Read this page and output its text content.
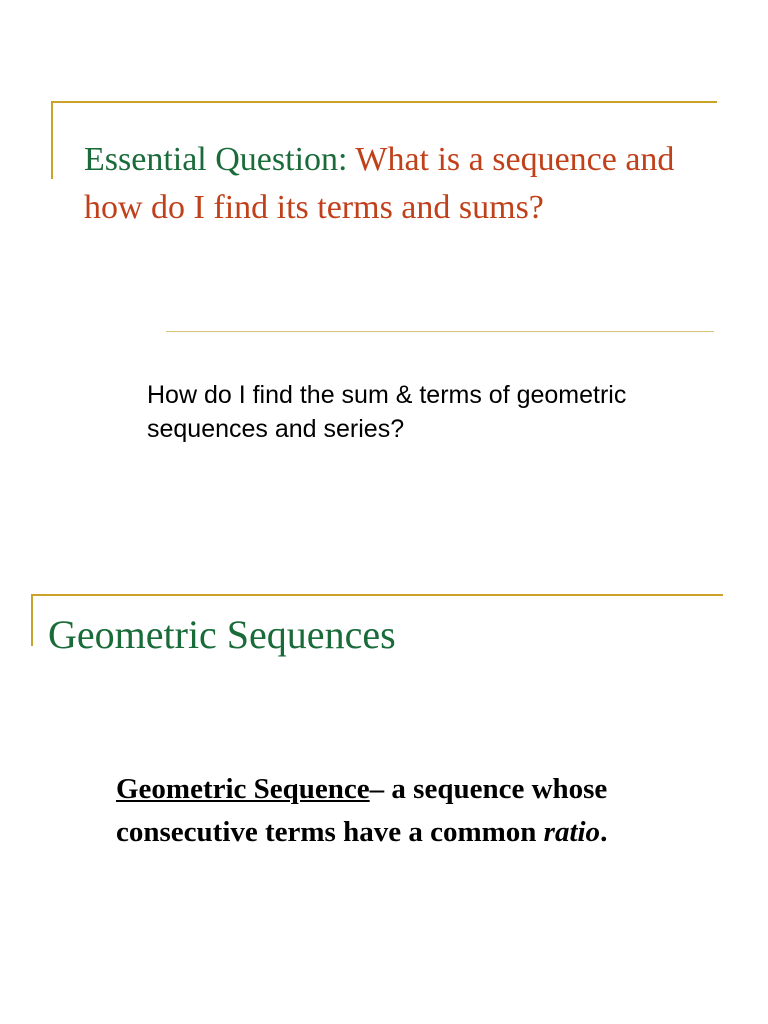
Essential Question: What is a sequence and how do I find its terms and sums?

How do I find the sum & terms of geometric sequences and series?

Geometric Sequences

Geometric Sequence– a sequence whose consecutive terms have a common ratio.
